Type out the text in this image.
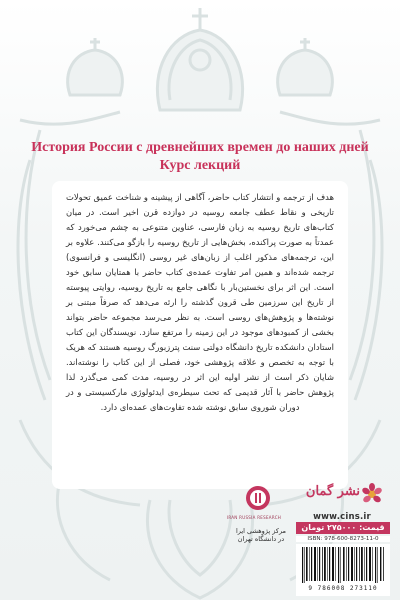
История России с древнейших времен до наших дней
Курс лекций

هدف از ترجمه و انتشار کتاب حاضر، آگاهی از پیشینه و شناخت عمیق تحولات تاریخی و نقاط عطف جامعه روسیه در دوازده قرن اخیر است. در میان کتاب‌های تاریخ روسیه به زبان فارسی، عناوین متنوعی به چشم می‌خورد که عمدتاً به صورت پراکنده، بخش‌هایی از تاریخ روسیه را بازگو می‌کنند. علاوه بر این، ترجمه‌های مذکور اغلب از زبان‌های غیر روسی (انگلیسی و فرانسوی) ترجمه شده‌اند و همین امر تفاوت عمده‌ی کتاب حاضر با همتایان سابق خود است. این اثر برای نخستین‌بار با نگاهی جامع به تاریخ روسیه، روایتی پیوسته از تاریخ این سرزمین طی قرون گذشته را ارئه می‌دهد که صرفاً مبتنی بر نوشته‌ها و پژوهش‌های روسی است. به نظر می‌رسد مجموعه حاضر بتواند بخشی از کمبودهای موجود در این زمینه را مرتفع سازد. نویسندگان این کتاب استادان دانشکده تاریخ دانشگاه دولتی سنت پترزبورگ روسیه هستند که هریک با توجه به تخصص و علاقه پژوهشی خود، فصلی از این کتاب را نوشته‌اند. شایان ذکر است از نشر اولیه این اثر در روسیه، مدت کمی می‌گذرد لذا پژوهش حاضر با آثار قدیمی که تحت سیطره‌ی ایدئولوژی مارکسیستی و در دوران شوروی سابق نوشته شده تفاوت‌های عمده‌ای دارد.

IRAN RUSSIA RESEARCH
مرکز پژوهشی ایرا
در دانشگاه تهران
نشر گمان
www.cins.ir
قیمت: ۲۷۵۰۰۰ تومان
ISBN: 978-600-8273-11-0
9 786008 273110
